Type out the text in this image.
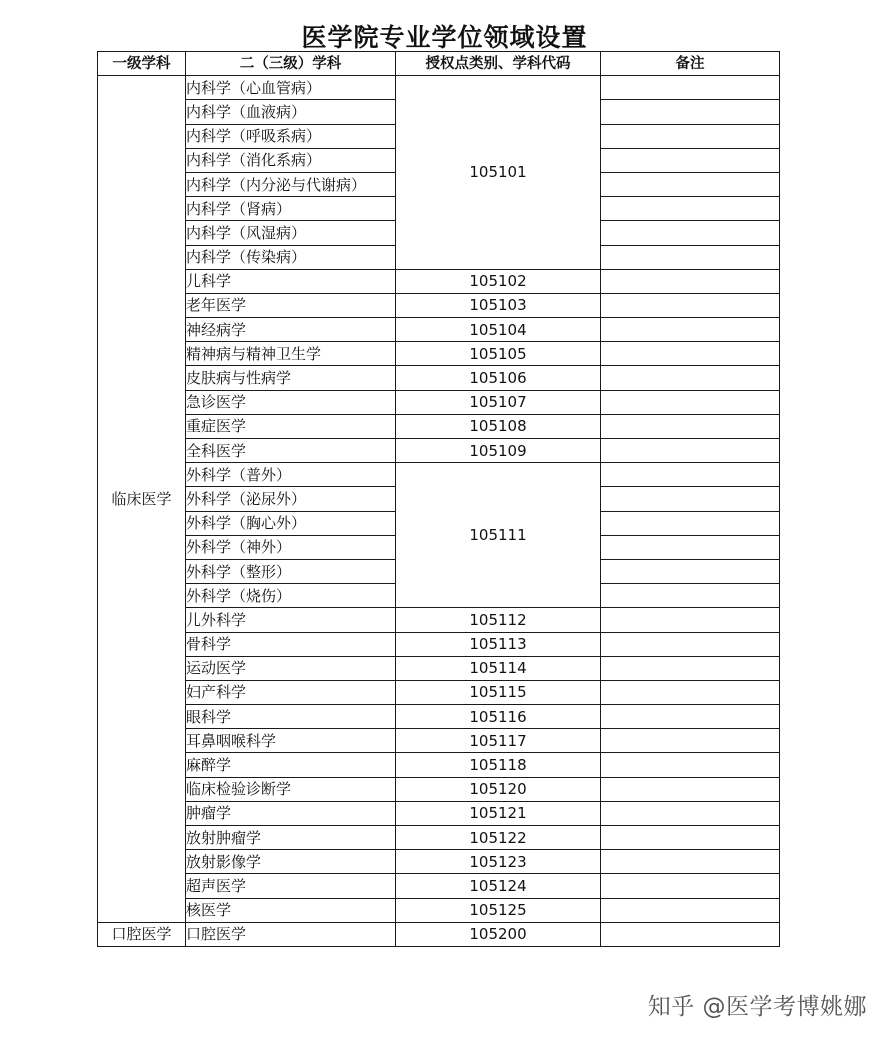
医学院专业学位领域设置
一级学科	二（三级）学科	授权点类别、学科代码	备注
临床医学	内科学（心血管病）	105101	
	内科学（血液病）		
	内科学（呼吸系病）		
	内科学（消化系病）		
	内科学（内分泌与代谢病）		
	内科学（肾病）		
	内科学（风湿病）		
	内科学（传染病）		
	儿科学	105102	
	老年医学	105103	
	神经病学	105104	
	精神病与精神卫生学	105105	
	皮肤病与性病学	105106	
	急诊医学	105107	
	重症医学	105108	
	全科医学	105109	
	外科学（普外）	105111	
	外科学（泌尿外）		
	外科学（胸心外）		
	外科学（神外）		
	外科学（整形）		
	外科学（烧伤）		
	儿外科学	105112	
	骨科学	105113	
	运动医学	105114	
	妇产科学	105115	
	眼科学	105116	
	耳鼻咽喉科学	105117	
	麻醉学	105118	
	临床检验诊断学	105120	
	肿瘤学	105121	
	放射肿瘤学	105122	
	放射影像学	105123	
	超声医学	105124	
	核医学	105125	
口腔医学	口腔医学	105200	
知乎 @医学考博姚娜
